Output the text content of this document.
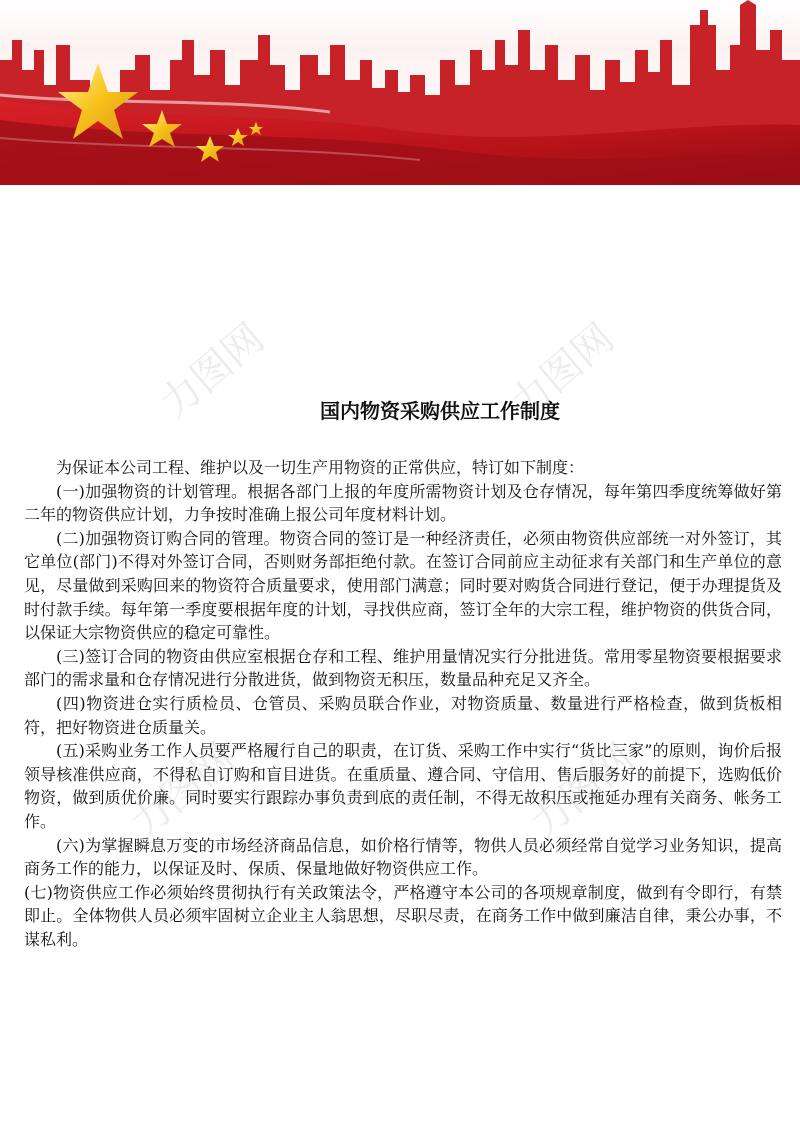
力图网	力图网
力图网	力图网
国内物资采购供应工作制度

为保证本公司工程、维护以及一切生产用物资的正常供应，特订如下制度：

(一)加强物资的计划管理。根据各部门上报的年度所需物资计划及仓存情况，每年第四季度统筹做好第二年的物资供应计划，力争按时准确上报公司年度材料计划。

(二)加强物资订购合同的管理。物资合同的签订是一种经济责任，必须由物资供应部统一对外签订，其它单位(部门)不得对外签订合同，否则财务部拒绝付款。在签订合同前应主动征求有关部门和生产单位的意见，尽量做到采购回来的物资符合质量要求，使用部门满意；同时要对购货合同进行登记，便于办理提货及时付款手续。每年第一季度要根据年度的计划，寻找供应商，签订全年的大宗工程，维护物资的供货合同，以保证大宗物资供应的稳定可靠性。

(三)签订合同的物资由供应室根据仓存和工程、维护用量情况实行分批进货。常用零星物资要根据要求部门的需求量和仓存情况进行分散进货，做到物资无积压，数量品种充足又齐全。

(四)物资进仓实行质检员、仓管员、采购员联合作业，对物资质量、数量进行严格检查，做到货板相符，把好物资进仓质量关。

(五)采购业务工作人员要严格履行自己的职责，在订货、采购工作中实行“货比三家”的原则，询价后报领导核准供应商，不得私自订购和盲目进货。在重质量、遵合同、守信用、售后服务好的前提下，选购低价物资，做到质优价廉。同时要实行跟踪办事负责到底的责任制，不得无故积压或拖延办理有关商务、帐务工作。

(六)为掌握瞬息万变的市场经济商品信息，如价格行情等，物供人员必须经常自觉学习业务知识，提高商务工作的能力，以保证及时、保质、保量地做好物资供应工作。

(七)物资供应工作必须始终贯彻执行有关政策法令，严格遵守本公司的各项规章制度，做到有令即行，有禁即止。全体物供人员必须牢固树立企业主人翁思想，尽职尽责，在商务工作中做到廉洁自律，秉公办事，不谋私利。
